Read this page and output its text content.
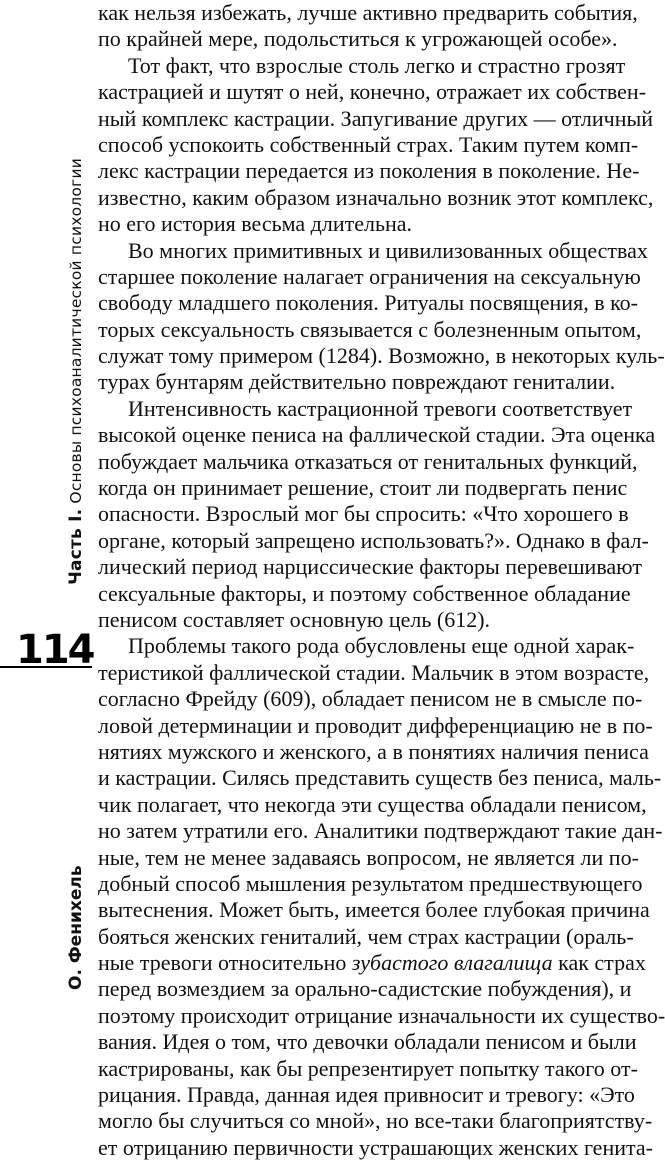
О. Фенихель
Часть I. Основы психоаналитической психологии
114
как нельзя избежать, лучше активно предварить события,
по крайней мере, подольститься к угрожающей особе».
Тот факт, что взрослые столь легко и страстно грозят
кастрацией и шутят о ней, конечно, отражает их собствен-
ный комплекс кастрации. Запугивание других — отличный
способ успокоить собственный страх. Таким путем комп-
лекс кастрации передается из поколения в поколение. Не-
известно, каким образом изначально возник этот комплекс,
но его история весьма длительна.
Во многих примитивных и цивилизованных обществах
старшее поколение налагает ограничения на сексуальную
свободу младшего поколения. Ритуалы посвящения, в ко-
торых сексуальность связывается с болезненным опытом,
служат тому примером (1284). Возможно, в некоторых куль-
турах бунтарям действительно повреждают гениталии.
Интенсивность кастрационной тревоги соответствует
высокой оценке пениса на фаллической стадии. Эта оценка
побуждает мальчика отказаться от генитальных функций,
когда он принимает решение, стоит ли подвергать пенис
опасности. Взрослый мог бы спросить: «Что хорошего в
органе, который запрещено использовать?». Однако в фал-
лический период нарциссические факторы перевешивают
сексуальные факторы, и поэтому собственное обладание
пенисом составляет основную цель (612).
Проблемы такого рода обусловлены еще одной харак-
теристикой фаллической стадии. Мальчик в этом возрасте,
согласно Фрейду (609), обладает пенисом не в смысле по-
ловой детерминации и проводит дифференциацию не в по-
нятиях мужского и женского, а в понятиях наличия пениса
и кастрации. Силясь представить существ без пениса, маль-
чик полагает, что некогда эти существа обладали пенисом,
но затем утратили его. Аналитики подтверждают такие дан-
ные, тем не менее задаваясь вопросом, не является ли по-
добный способ мышления результатом предшествующего
вытеснения. Может быть, имеется более глубокая причина
бояться женских гениталий, чем страх кастрации (ораль-
ные тревоги относительно зубастого влагалища как страх
перед возмездием за орально-садистские побуждения), и
поэтому происходит отрицание изначальности их существо-
вания. Идея о том, что девочки обладали пенисом и были
кастрированы, как бы репрезентирует попытку такого от-
рицания. Правда, данная идея привносит и тревогу: «Это
могло бы случиться со мной», но все-таки благоприятству-
ет отрицанию первичности устрашающих женских генита-
